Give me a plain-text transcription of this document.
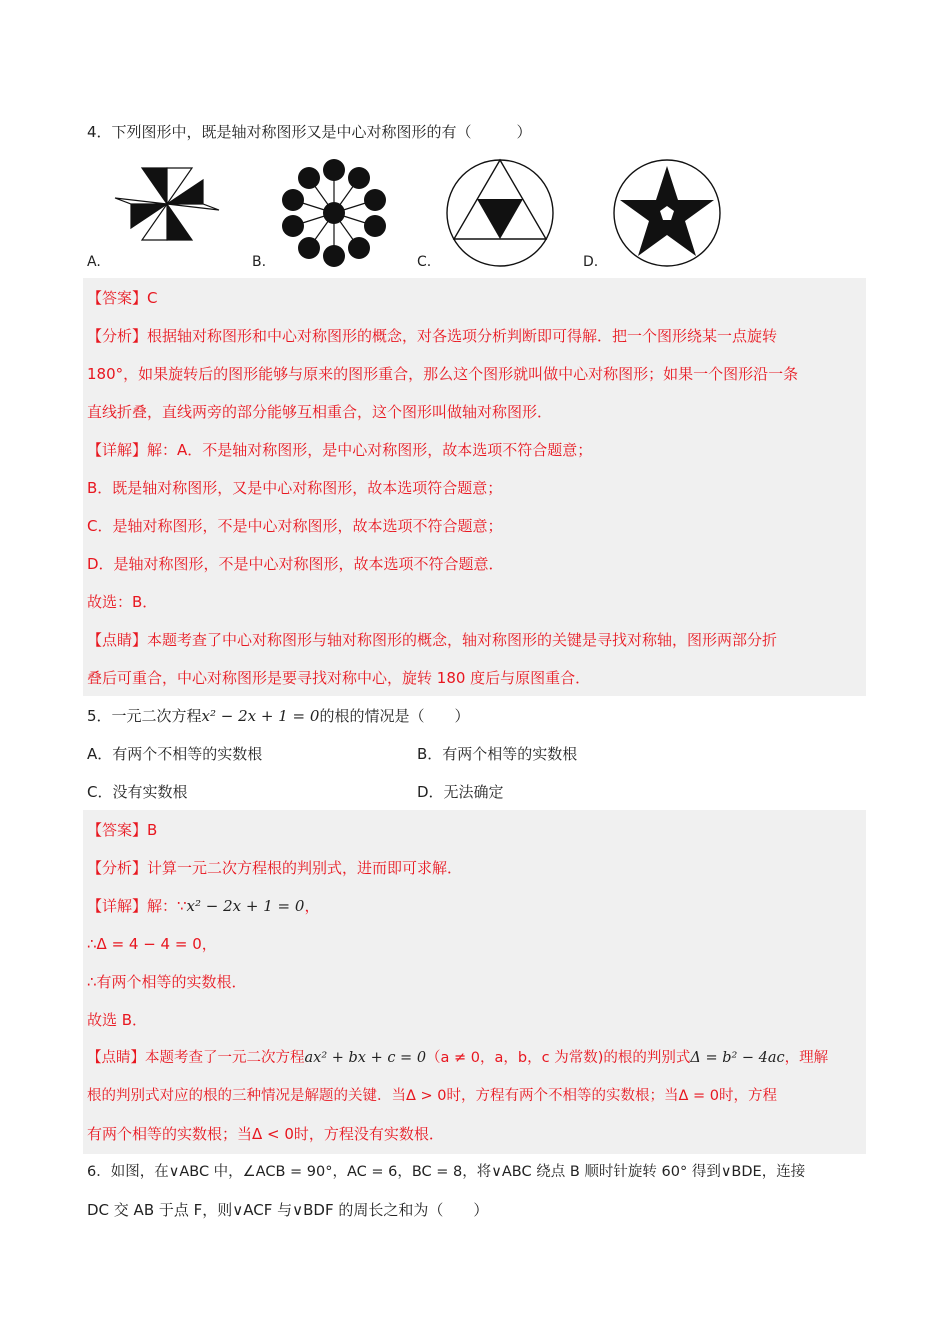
4．下列图形中，既是轴对称图形又是中心对称图形的有（　　　）
A.	B.	C.	D.
【答案】C
【分析】根据轴对称图形和中心对称图形的概念，对各选项分析判断即可得解．把一个图形绕某一点旋转
180°，如果旋转后的图形能够与原来的图形重合，那么这个图形就叫做中心对称图形；如果一个图形沿一条
直线折叠，直线两旁的部分能够互相重合，这个图形叫做轴对称图形．
【详解】解：A．不是轴对称图形，是中心对称图形，故本选项不符合题意；
B．既是轴对称图形，又是中心对称图形，故本选项符合题意；
C．是轴对称图形，不是中心对称图形，故本选项不符合题意；
D．是轴对称图形，不是中心对称图形，故本选项不符合题意．
故选：B．
【点睛】本题考查了中心对称图形与轴对称图形的概念，轴对称图形的关键是寻找对称轴，图形两部分折
叠后可重合，中心对称图形是要寻找对称中心，旋转 180 度后与原图重合．
5．一元二次方程x² − 2x + 1 = 0的根的情况是（　　）
A．有两个不相等的实数根	B．有两个相等的实数根
C．没有实数根	D．无法确定
【答案】B
【分析】计算一元二次方程根的判别式，进而即可求解．
【详解】解：∵x² − 2x + 1 = 0，
∴Δ = 4 − 4 = 0，
∴有两个相等的实数根．
故选 B．
【点睛】本题考查了一元二次方程ax² + bx + c = 0（a ≠ 0，a，b，c 为常数)的根的判别式Δ = b² − 4ac，理解
根的判别式对应的根的三种情况是解题的关键．当Δ > 0时，方程有两个不相等的实数根；当Δ = 0时，方程
有两个相等的实数根；当Δ < 0时，方程没有实数根．
6．如图，在∨ABC 中，∠ACB = 90°，AC = 6，BC = 8，将∨ABC 绕点 B 顺时针旋转 60° 得到∨BDE，连接
DC 交 AB 于点 F，则∨ACF 与∨BDF 的周长之和为（　　）
